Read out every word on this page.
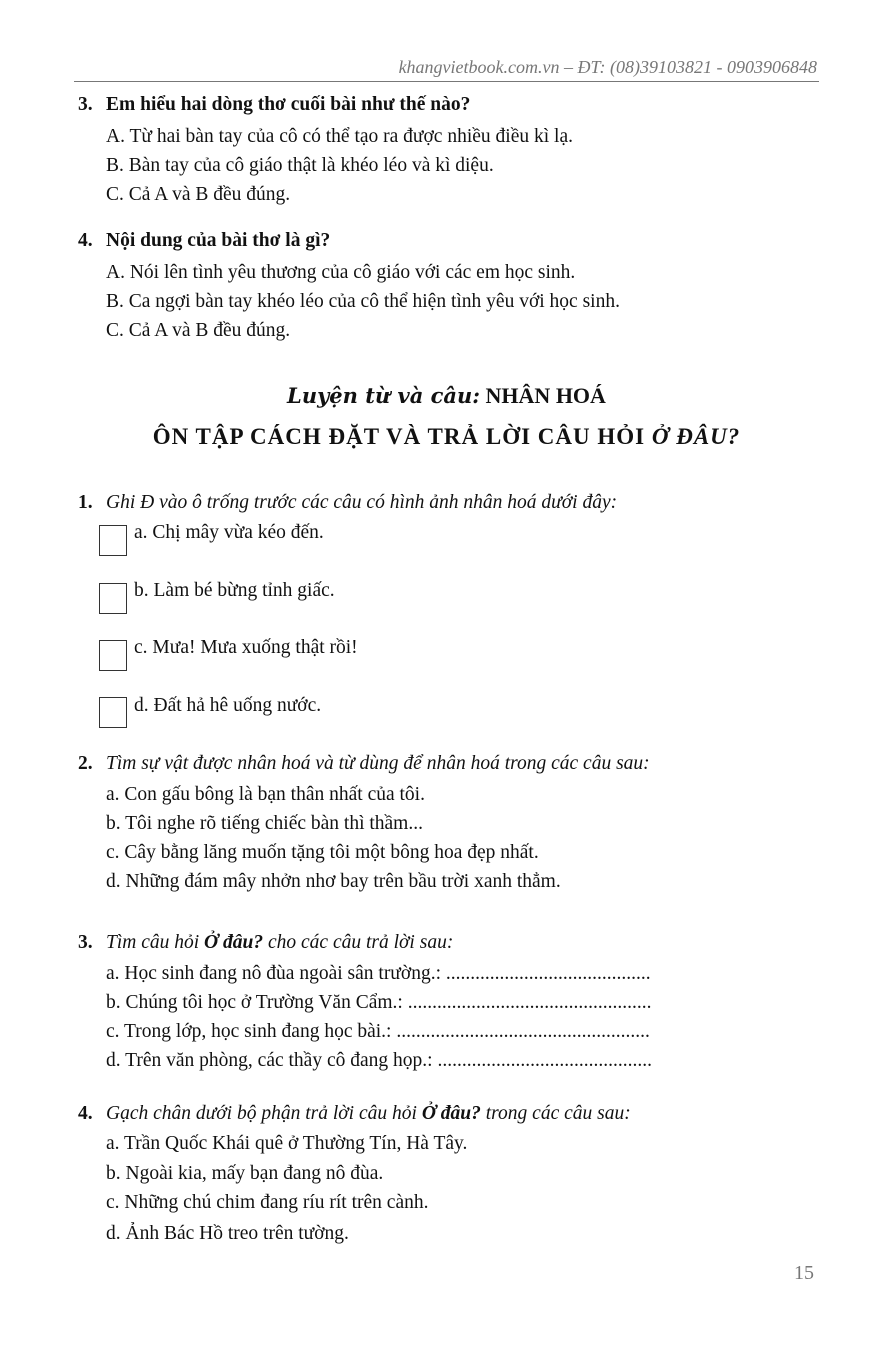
khangvietbook.com.vn – ĐT: (08)39103821 - 0903906848
3. Em hiểu hai dòng thơ cuối bài như thế nào?
A. Từ hai bàn tay của cô có thể tạo ra được nhiều điều kì lạ.
B. Bàn tay của cô giáo thật là khéo léo và kì diệu.
C. Cả A và B đều đúng.
4. Nội dung của bài thơ là gì?
A. Nói lên tình yêu thương của cô giáo với các em học sinh.
B. Ca ngợi bàn tay khéo léo của cô thể hiện tình yêu với học sinh.
C. Cả A và B đều đúng.
Luyện từ và câu: NHÂN HOÁ
ÔN TẬP CÁCH ĐẶT VÀ TRẢ LỜI CÂU HỎI Ở ĐÂU?
1. Ghi Đ vào ô trống trước các câu có hình ảnh nhân hoá dưới đây:
a. Chị mây vừa kéo đến.
b. Làm bé bừng tỉnh giấc.
c. Mưa! Mưa xuống thật rồi!
d. Đất hả hê uống nước.
2. Tìm sự vật được nhân hoá và từ dùng để nhân hoá trong các câu sau:
a. Con gấu bông là bạn thân nhất của tôi.
b. Tôi nghe rõ tiếng chiếc bàn thì thầm...
c. Cây bằng lăng muốn tặng tôi một bông hoa đẹp nhất.
d. Những đám mây nhởn nhơ bay trên bầu trời xanh thẳm.
3. Tìm câu hỏi Ở đâu? cho các câu trả lời sau:
a. Học sinh đang nô đùa ngoài sân trường.: ..........................................
b. Chúng tôi học ở Trường Văn Cẩm.: ..................................................
c. Trong lớp, học sinh đang học bài.: ....................................................
d. Trên văn phòng, các thầy cô đang họp.: ............................................
4. Gạch chân dưới bộ phận trả lời câu hỏi Ở đâu? trong các câu sau:
a. Trần Quốc Khái quê ở Thường Tín, Hà Tây.
b. Ngoài kia, mấy bạn đang nô đùa.
c. Những chú chim đang ríu rít trên cành.
d. Ảnh Bác Hồ treo trên tường.
15
